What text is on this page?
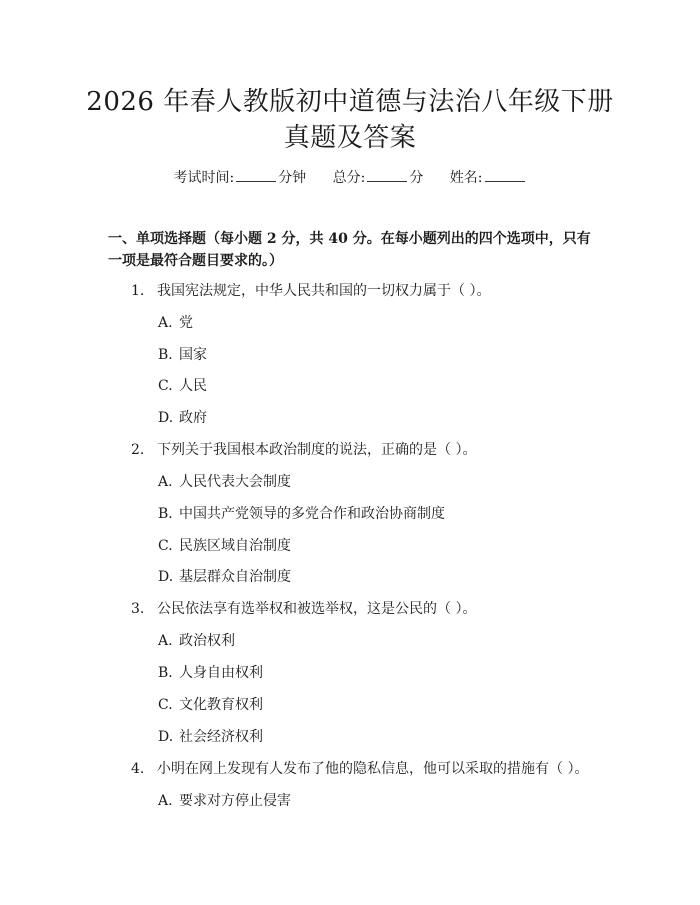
2026 年春人教版初中道德与法治八年级下册
真题及答案
考试时间:	分钟 总分:	分 姓名:
一、单项选择题（每小题 2 分，共 40 分。在每小题列出的四个选项中，只有一项是最符合题目要求的。）
1. 我国宪法规定，中华人民共和国的一切权力属于（ ）。
A. 党
B. 国家
C. 人民
D. 政府
2. 下列关于我国根本政治制度的说法，正确的是（ ）。
A. 人民代表大会制度
B. 中国共产党领导的多党合作和政治协商制度
C. 民族区域自治制度
D. 基层群众自治制度
3. 公民依法享有选举权和被选举权，这是公民的（ ）。
A. 政治权利
B. 人身自由权利
C. 文化教育权利
D. 社会经济权利
4. 小明在网上发现有人发布了他的隐私信息，他可以采取的措施有（ ）。
A. 要求对方停止侵害
